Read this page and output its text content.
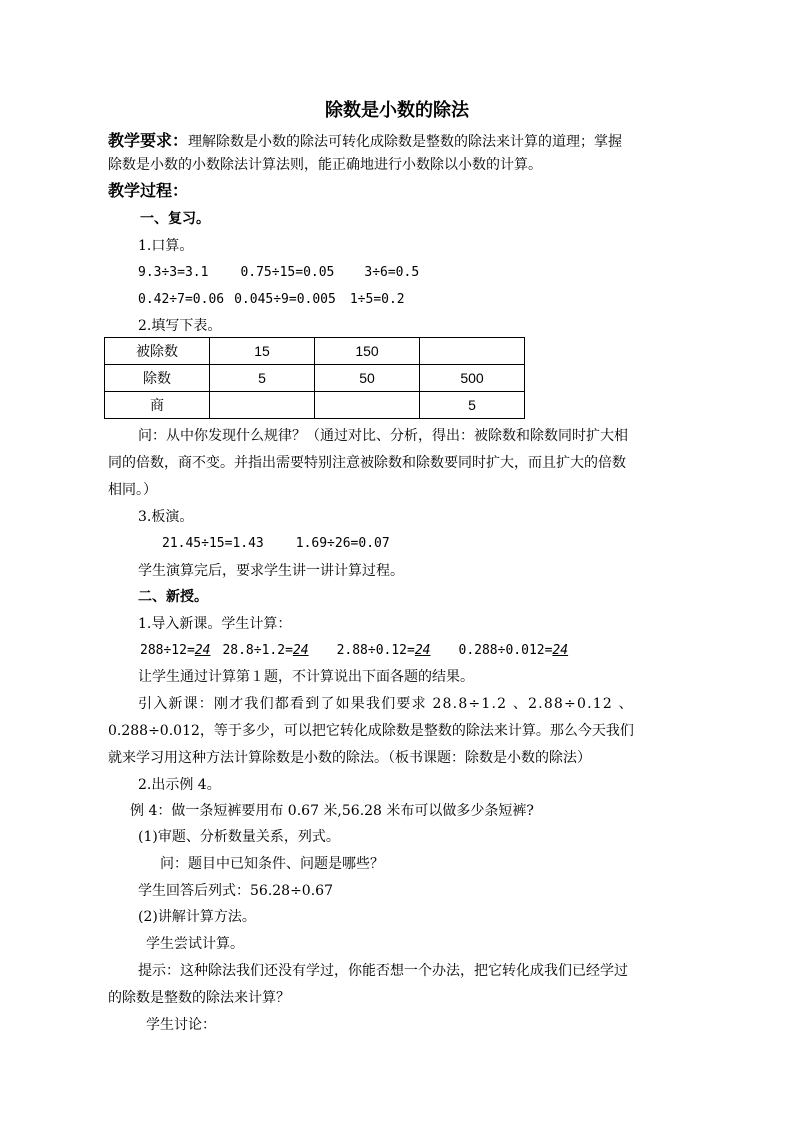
除数是小数的除法
教学要求：理解除数是小数的除法可转化成除数是整数的除法来计算的道理；掌握
除数是小数的小数除法计算法则，能正确地进行小数除以小数的计算。
教学过程：
一、复习。
1.口算。
9.3÷3=3.1 0.75÷15=0.05 3÷6=0.5
0.42÷7=0.06 0.045÷9=0.005 1÷5=0.2
2.填写下表。
被除数	15	150	
除数	5	50	500
商			5
问：从中你发现什么规律？（通过对比、分析，得出：被除数和除数同时扩大相
同的倍数，商不变。并指出需要特别注意被除数和除数要同时扩大，而且扩大的倍数
相同。）
3.板演。
21.45÷15=1.43 1.69÷26=0.07
学生演算完后，要求学生讲一讲计算过程。
二、新授。
1.导入新课。学生计算：
288÷12=24 28.8÷1.2=24 2.88÷0.12=24 0.288÷0.012=24
让学生通过计算第１题，不计算说出下面各题的结果。
引入新课：刚才我们都看到了如果我们要求 28.8÷1.2 、2.88÷0.12 、
0.288÷0.012，等于多少，可以把它转化成除数是整数的除法来计算。那么今天我们
就来学习用这种方法计算除数是小数的除法。（板书课题：除数是小数的除法）
2.出示例 4。
例 4：做一条短裤要用布 0.67 米,56.28 米布可以做多少条短裤?
(1)审题、分析数量关系，列式。
问：题目中已知条件、问题是哪些？
学生回答后列式：56.28÷0.67
(2)讲解计算方法。
学生尝试计算。
提示：这种除法我们还没有学过，你能否想一个办法，把它转化成我们已经学过
的除数是整数的除法来计算？
学生讨论：
